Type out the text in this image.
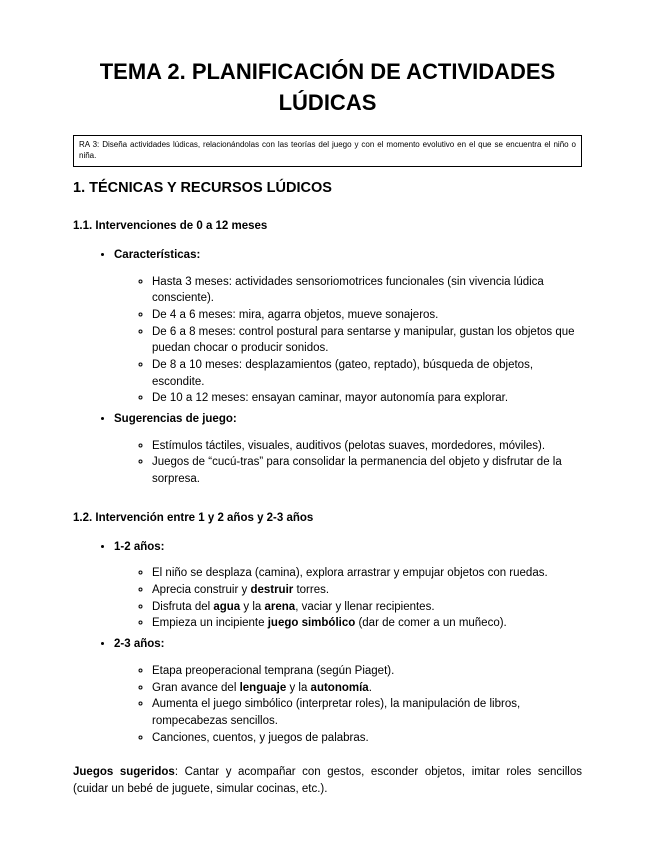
TEMA 2. PLANIFICACIÓN DE ACTIVIDADES
LÚDICAS
RA 3: Diseña actividades lúdicas, relacionándolas con las teorías del juego y con el momento evolutivo en el que se encuentra el niño o niña.
1. TÉCNICAS Y RECURSOS LÚDICOS
1.1. Intervenciones de 0 a 12 meses
• Características:
◦ Hasta 3 meses: actividades sensoriomotrices funcionales (sin vivencia lúdica consciente).
◦ De 4 a 6 meses: mira, agarra objetos, mueve sonajeros.
◦ De 6 a 8 meses: control postural para sentarse y manipular, gustan los objetos que puedan chocar o producir sonidos.
◦ De 8 a 10 meses: desplazamientos (gateo, reptado), búsqueda de objetos, escondite.
◦ De 10 a 12 meses: ensayan caminar, mayor autonomía para explorar.
• Sugerencias de juego:
◦ Estímulos táctiles, visuales, auditivos (pelotas suaves, mordedores, móviles).
◦ Juegos de “cucú-tras” para consolidar la permanencia del objeto y disfrutar de la sorpresa.
1.2. Intervención entre 1 y 2 años y 2-3 años
• 1-2 años:
◦ El niño se desplaza (camina), explora arrastrar y empujar objetos con ruedas.
◦ Aprecia construir y destruir torres.
◦ Disfruta del agua y la arena, vaciar y llenar recipientes.
◦ Empieza un incipiente juego simbólico (dar de comer a un muñeco).
• 2-3 años:
◦ Etapa preoperacional temprana (según Piaget).
◦ Gran avance del lenguaje y la autonomía.
◦ Aumenta el juego simbólico (interpretar roles), la manipulación de libros, rompecabezas sencillos.
◦ Canciones, cuentos, y juegos de palabras.

Juegos sugeridos: Cantar y acompañar con gestos, esconder objetos, imitar roles sencillos (cuidar un bebé de juguete, simular cocinas, etc.).
